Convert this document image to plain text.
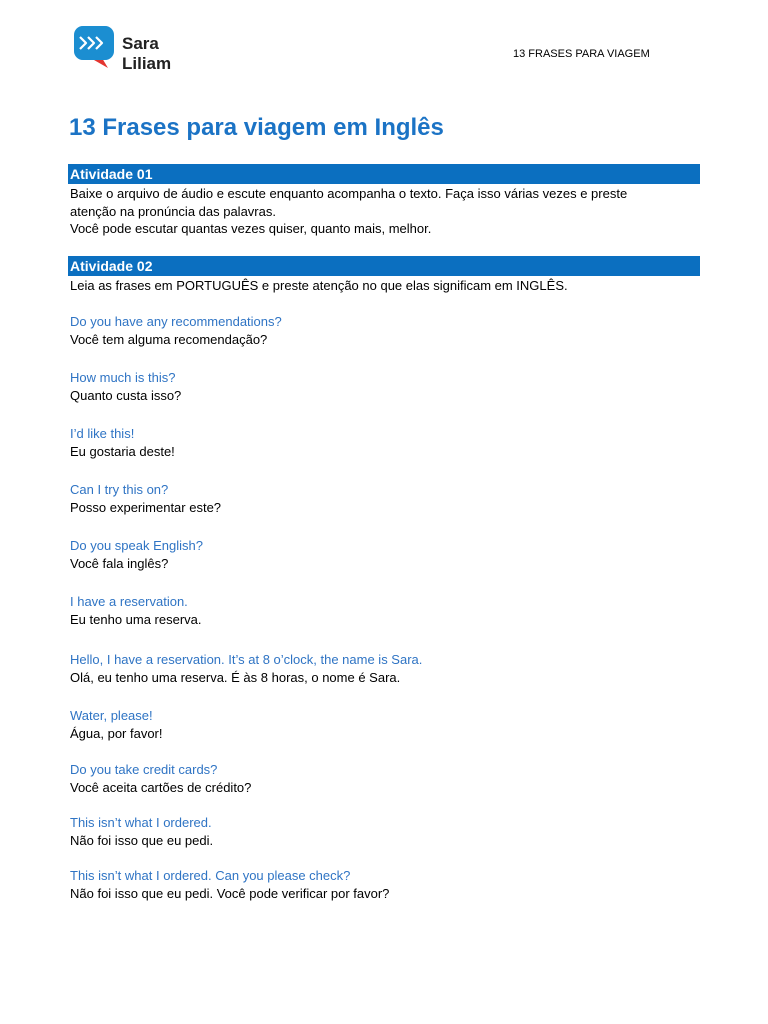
Sara Liliam	13 FRASES PARA VIAGEM
13 Frases para viagem em Inglês
Atividade 01
Baixe o arquivo de áudio e escute enquanto acompanha o texto. Faça isso várias vezes e preste
atenção na pronúncia das palavras.
Você pode escutar quantas vezes quiser, quanto mais, melhor.
Atividade 02
Leia as frases em PORTUGUÊS e preste atenção no que elas significam em INGLÊS.
Do you have any recommendations?
Você tem alguma recomendação?
How much is this?
Quanto custa isso?
I’d like this!
Eu gostaria deste!
Can I try this on?
Posso experimentar este?
Do you speak English?
Você fala inglês?
I have a reservation.
Eu tenho uma reserva.
Hello, I have a reservation. It’s at 8 o’clock, the name is Sara.
Olá, eu tenho uma reserva. É às 8 horas, o nome é Sara.
Water, please!
Água, por favor!
Do you take credit cards?
Você aceita cartões de crédito?
This isn’t what I ordered.
Não foi isso que eu pedi.
This isn’t what I ordered. Can you please check?
Não foi isso que eu pedi. Você pode verificar por favor?
